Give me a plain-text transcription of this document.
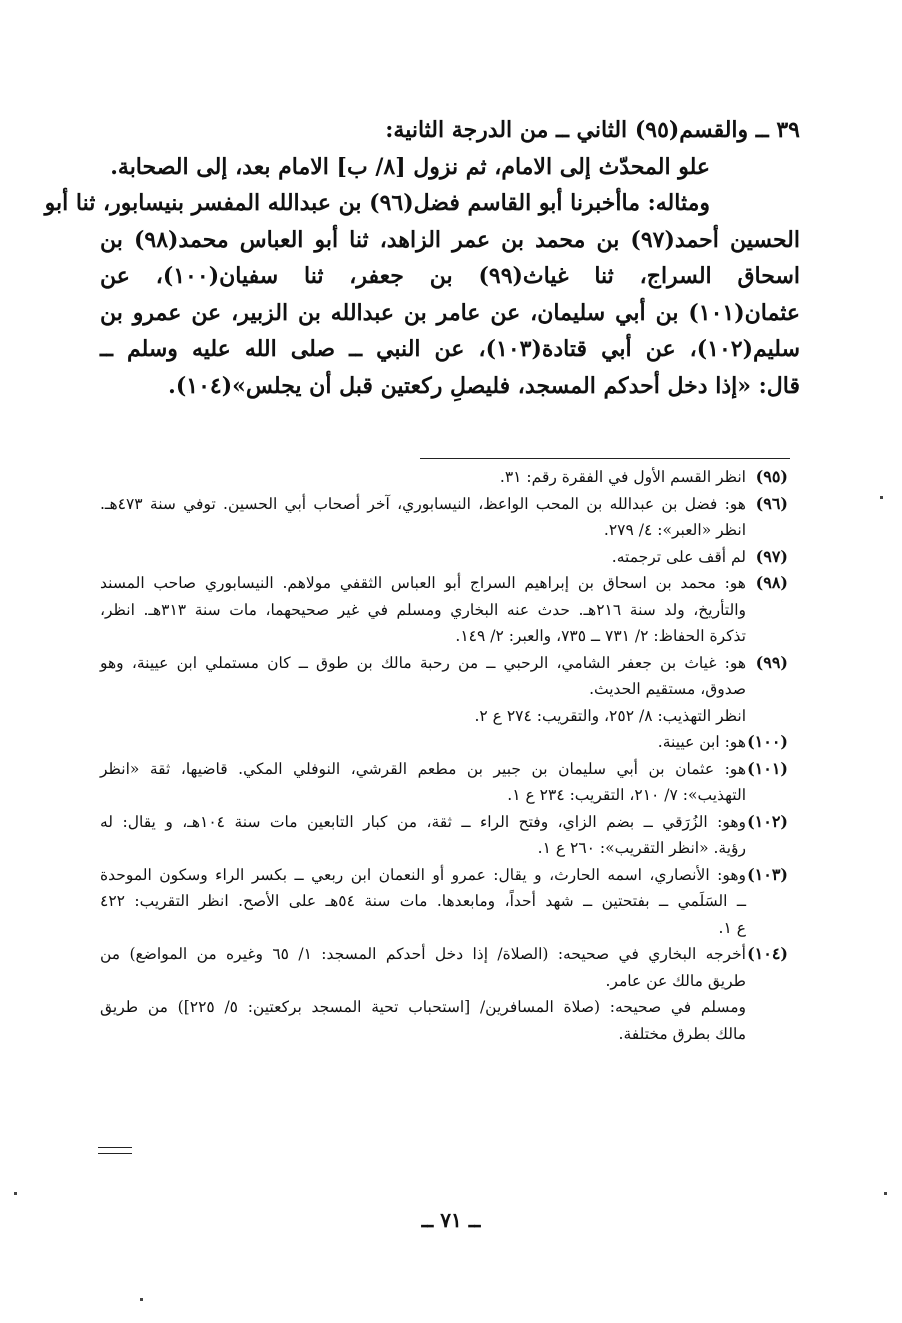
٣٩ ــ والقسم(٩٥) الثاني ــ من الدرجة الثانية:
علو المحدّث إلى الامام، ثم نزول [٨/ ب] الامام بعد، إلى الصحابة.
ومثاله: ماأخبرنا أبو القاسم فضل(٩٦) بن عبدالله المفسر بنيسابور، ثنا أبو
الحسين أحمد(٩٧) بن محمد بن عمر الزاهد، ثنا أبو العباس محمد(٩٨) بن
اسحاق السراج، ثنا غياث(٩٩) بن جعفر، ثنا سفيان(١٠٠)، عن
عثمان(١٠١) بن أبي سليمان، عن عامر بن عبدالله بن الزبير، عن عمرو بن
سليم(١٠٢)، عن أبي قتادة(١٠٣)، عن النبي ــ صلى الله عليه وسلم ــ
قال: «إذا دخل أحدكم المسجد، فليصلِ ركعتين قبل أن يجلس»(١٠٤).
(٩٥)
انظر القسم الأول في الفقرة رقم: ٣١.
(٩٦)
هو: فضل بن عبدالله بن المحب الواعظ، النيسابوري، آخر أصحاب أبي الحسين. توفي سنة ٤٧٣هـ.
انظر «العبر»: ٤/ ٢٧٩.
(٩٧)
لم أقف على ترجمته.
(٩٨)
هو: محمد بن اسحاق بن إبراهيم السراج أبو العباس الثقفي مولاهم. النيسابوري صاحب المسند
والتأريخ، ولد سنة ٢١٦هـ. حدث عنه البخاري ومسلم في غير صحيحهما، مات سنة ٣١٣هـ. انظر،
تذكرة الحفاظ: ٢/ ٧٣١ ــ ٧٣٥، والعبر: ٢/ ١٤٩.
(٩٩)
هو: غياث بن جعفر الشامي، الرحبي ــ من رحبة مالك بن طوق ــ كان مستملي ابن عيينة، وهو
صدوق، مستقيم الحديث.
انظر التهذيب: ٨/ ٢٥٢، والتقريب: ٢٧٤ ع ٢.
(١٠٠)
هو: ابن عيينة.
(١٠١)
هو: عثمان بن أبي سليمان بن جبير بن مطعم القرشي، النوفلي المكي. قاضيها، ثقة «انظر
التهذيب»: ٧/ ٢١٠، التقريب: ٢٣٤ ع ١.
(١٠٢)
وهو: الزُرَقي ــ بضم الزاي، وفتح الراء ــ ثقة، من كبار التابعين مات سنة ١٠٤هـ، و يقال: له
رؤية. «انظر التقريب»: ٢٦٠ ع ١.
(١٠٣)
وهو: الأنصاري، اسمه الحارث، و يقال: عمرو أو النعمان ابن ربعي ــ بكسر الراء وسكون الموحدة
ــ السَلَمي ــ بفتحتين ــ شهد أحداً، ومابعدها. مات سنة ٥٤هـ على الأصح. انظر التقريب: ٤٢٢
ع ١.
(١٠٤)
أخرجه البخاري في صحيحه: (الصلاة/ إذا دخل أحدكم المسجد: ١/ ٦٥ وغيره من المواضع) من
طريق مالك عن عامر.
ومسلم في صحيحه: (صلاة المسافرين/ [استحباب تحية المسجد بركعتين: ٥/ ٢٢٥]) من طريق
مالك بطرق مختلفة.
ــ ٧١ ــ
